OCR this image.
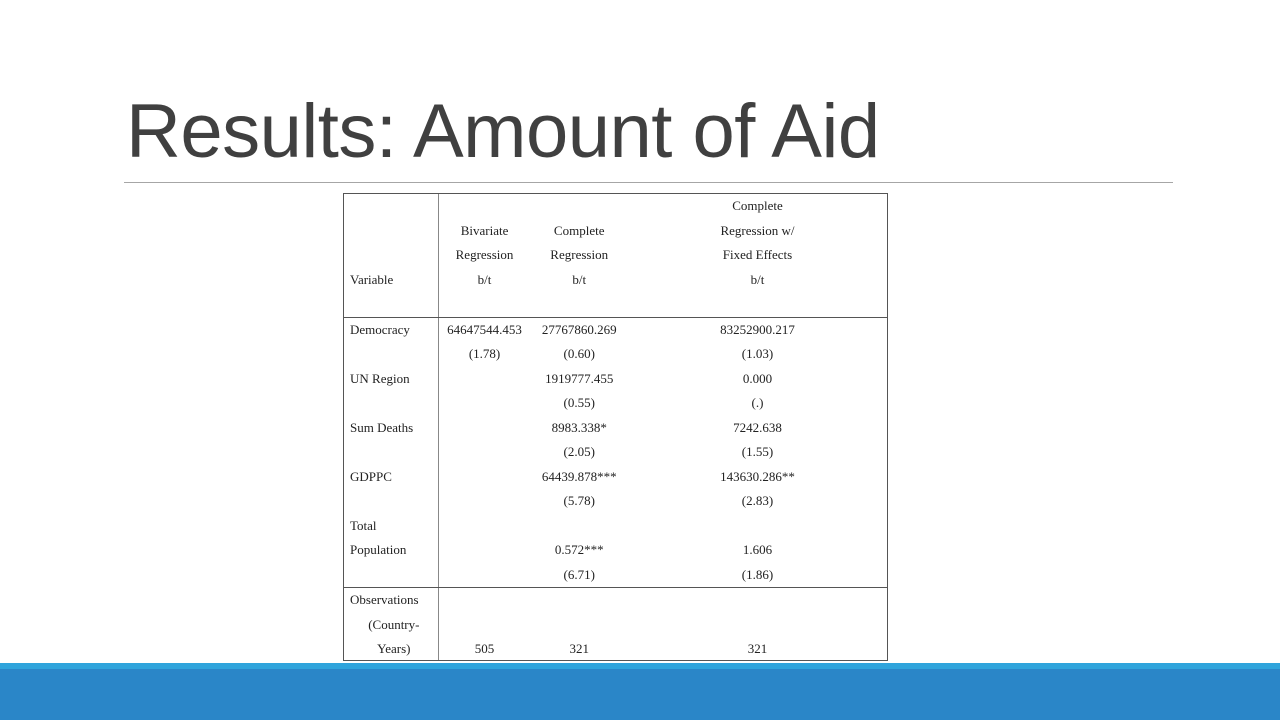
Results: Amount of Aid
			Complete
	Bivariate	Complete	Regression w/
	Regression	Regression	Fixed Effects
Variable	b/t	b/t	b/t

Democracy	64647544.453	27767860.269	83252900.217
	(1.78)	(0.60)	(1.03)
UN Region		1919777.455	0.000
		(0.55)	(.)
Sum Deaths		8983.338*	7242.638
		(2.05)	(1.55)
GDPPC		64439.878***	143630.286**
		(5.78)	(2.83)
Total			
Population		0.572***	1.606
		(6.71)	(1.86)
Observations			
(Country-			
Years)	505	321	321
